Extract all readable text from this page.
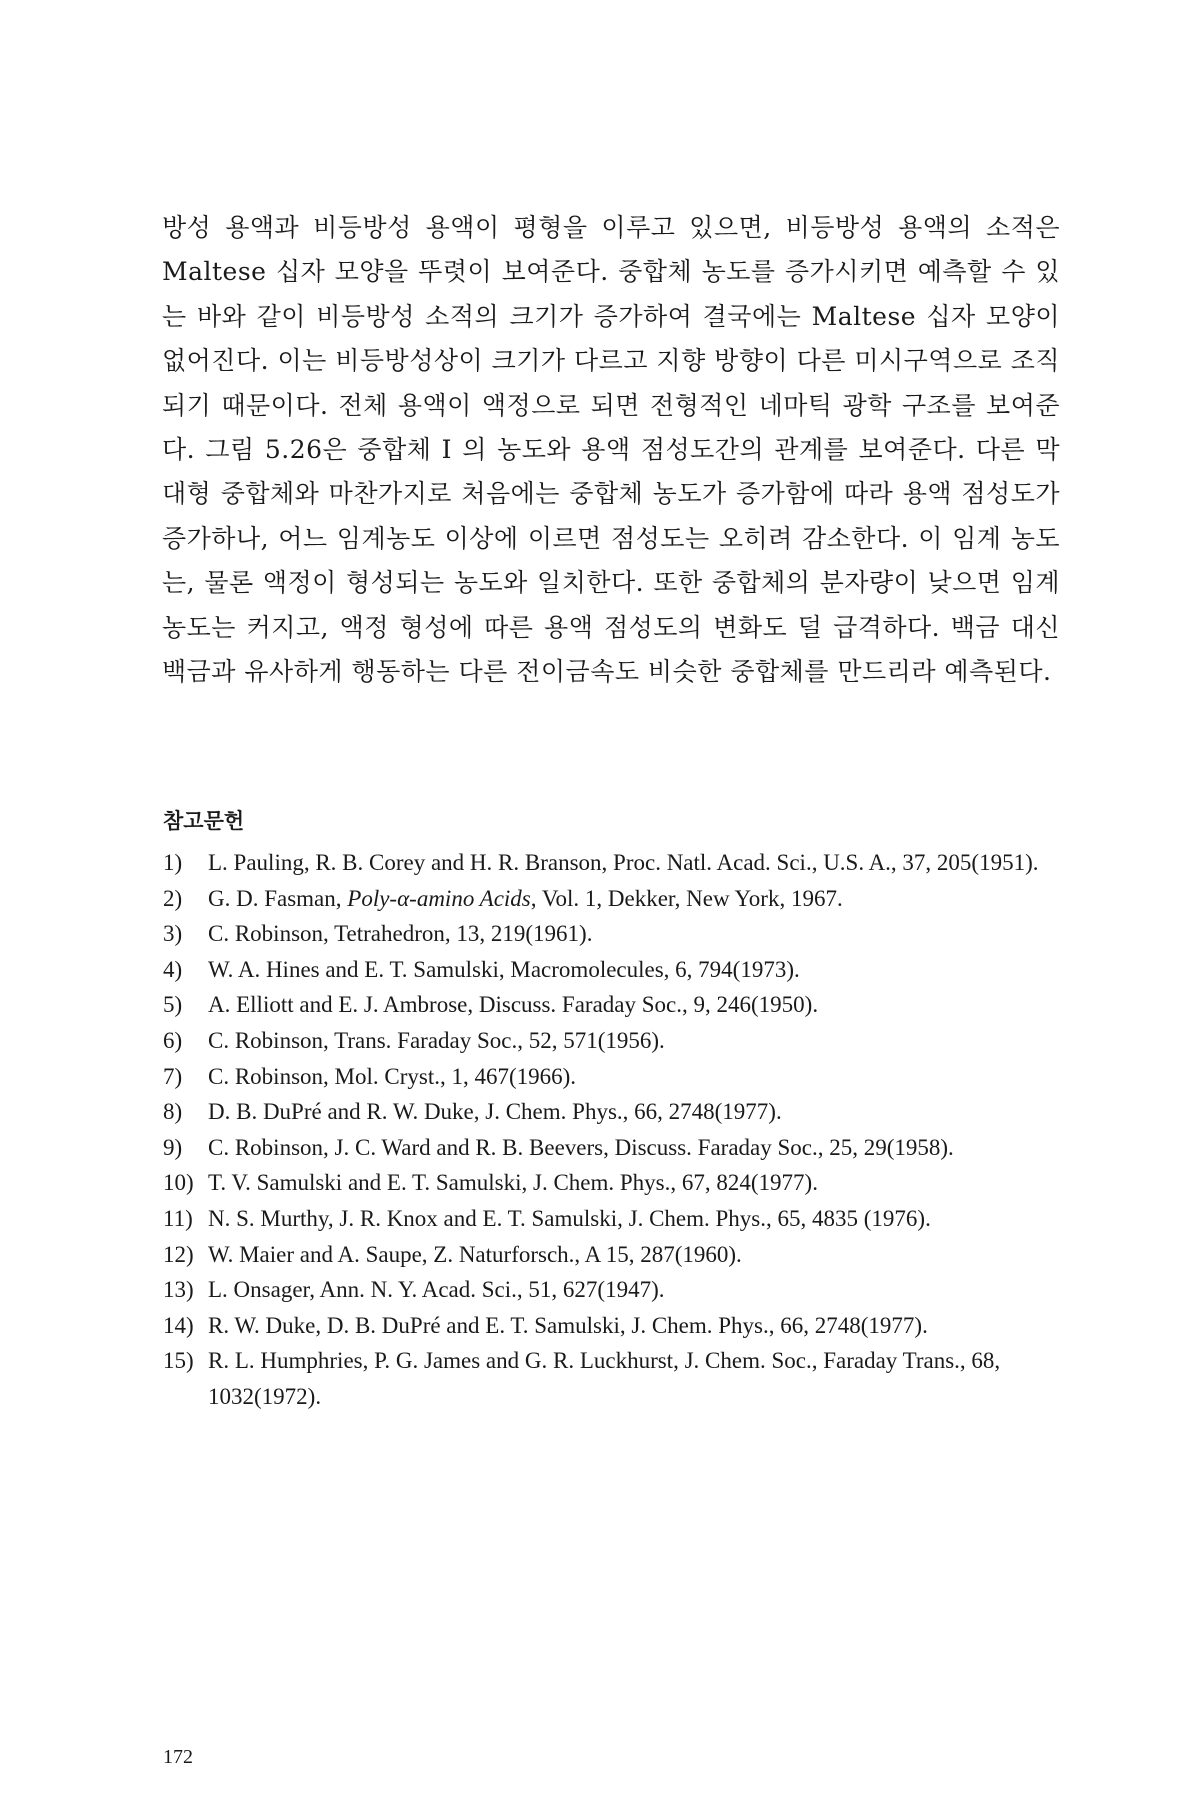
방성 용액과 비등방성 용액이 평형을 이루고 있으면, 비등방성 용액의 소적은 Maltese 십자 모양을 뚜렷이 보여준다. 중합체 농도를 증가시키면 예측할 수 있는 바와 같이 비등방성 소적의 크기가 증가하여 결국에는 Maltese 십자 모양이 없어진다. 이는 비등방성상이 크기가 다르고 지향 방향이 다른 미시구역으로 조직되기 때문이다. 전체 용액이 액정으로 되면 전형적인 네마틱 광학 구조를 보여준다. 그림 5.26은 중합체 I 의 농도와 용액 점성도간의 관계를 보여준다. 다른 막대형 중합체와 마찬가지로 처음에는 중합체 농도가 증가함에 따라 용액 점성도가 증가하나, 어느 임계농도 이상에 이르면 점성도는 오히려 감소한다. 이 임계 농도는, 물론 액정이 형성되는 농도와 일치한다. 또한 중합체의 분자량이 낮으면 임계농도는 커지고, 액정 형성에 따른 용액 점성도의 변화도 덜 급격하다. 백금 대신 백금과 유사하게 행동하는 다른 전이금속도 비슷한 중합체를 만드리라 예측된다.

참고문헌
1)	L. Pauling, R. B. Corey and H. R. Branson, Proc. Natl. Acad. Sci., U.S. A., 37, 205(1951).
2)	G. D. Fasman, Poly-α-amino Acids, Vol. 1, Dekker, New York, 1967.
3)	C. Robinson, Tetrahedron, 13, 219(1961).
4)	W. A. Hines and E. T. Samulski, Macromolecules, 6, 794(1973).
5)	A. Elliott and E. J. Ambrose, Discuss. Faraday Soc., 9, 246(1950).
6)	C. Robinson, Trans. Faraday Soc., 52, 571(1956).
7)	C. Robinson, Mol. Cryst., 1, 467(1966).
8)	D. B. DuPré and R. W. Duke, J. Chem. Phys., 66, 2748(1977).
9)	C. Robinson, J. C. Ward and R. B. Beevers, Discuss. Faraday Soc., 25, 29(1958).
10) T. V. Samulski and E. T. Samulski, J. Chem. Phys., 67, 824(1977).
11) N. S. Murthy, J. R. Knox and E. T. Samulski, J. Chem. Phys., 65, 4835 (1976).
12) W. Maier and A. Saupe, Z. Naturforsch., A 15, 287(1960).
13) L. Onsager, Ann. N. Y. Acad. Sci., 51, 627(1947).
14) R. W. Duke, D. B. DuPré and E. T. Samulski, J. Chem. Phys., 66, 2748(1977).
15) R. L. Humphries, P. G. James and G. R. Luckhurst, J. Chem. Soc., Faraday Trans., 68, 1032(1972).

172
